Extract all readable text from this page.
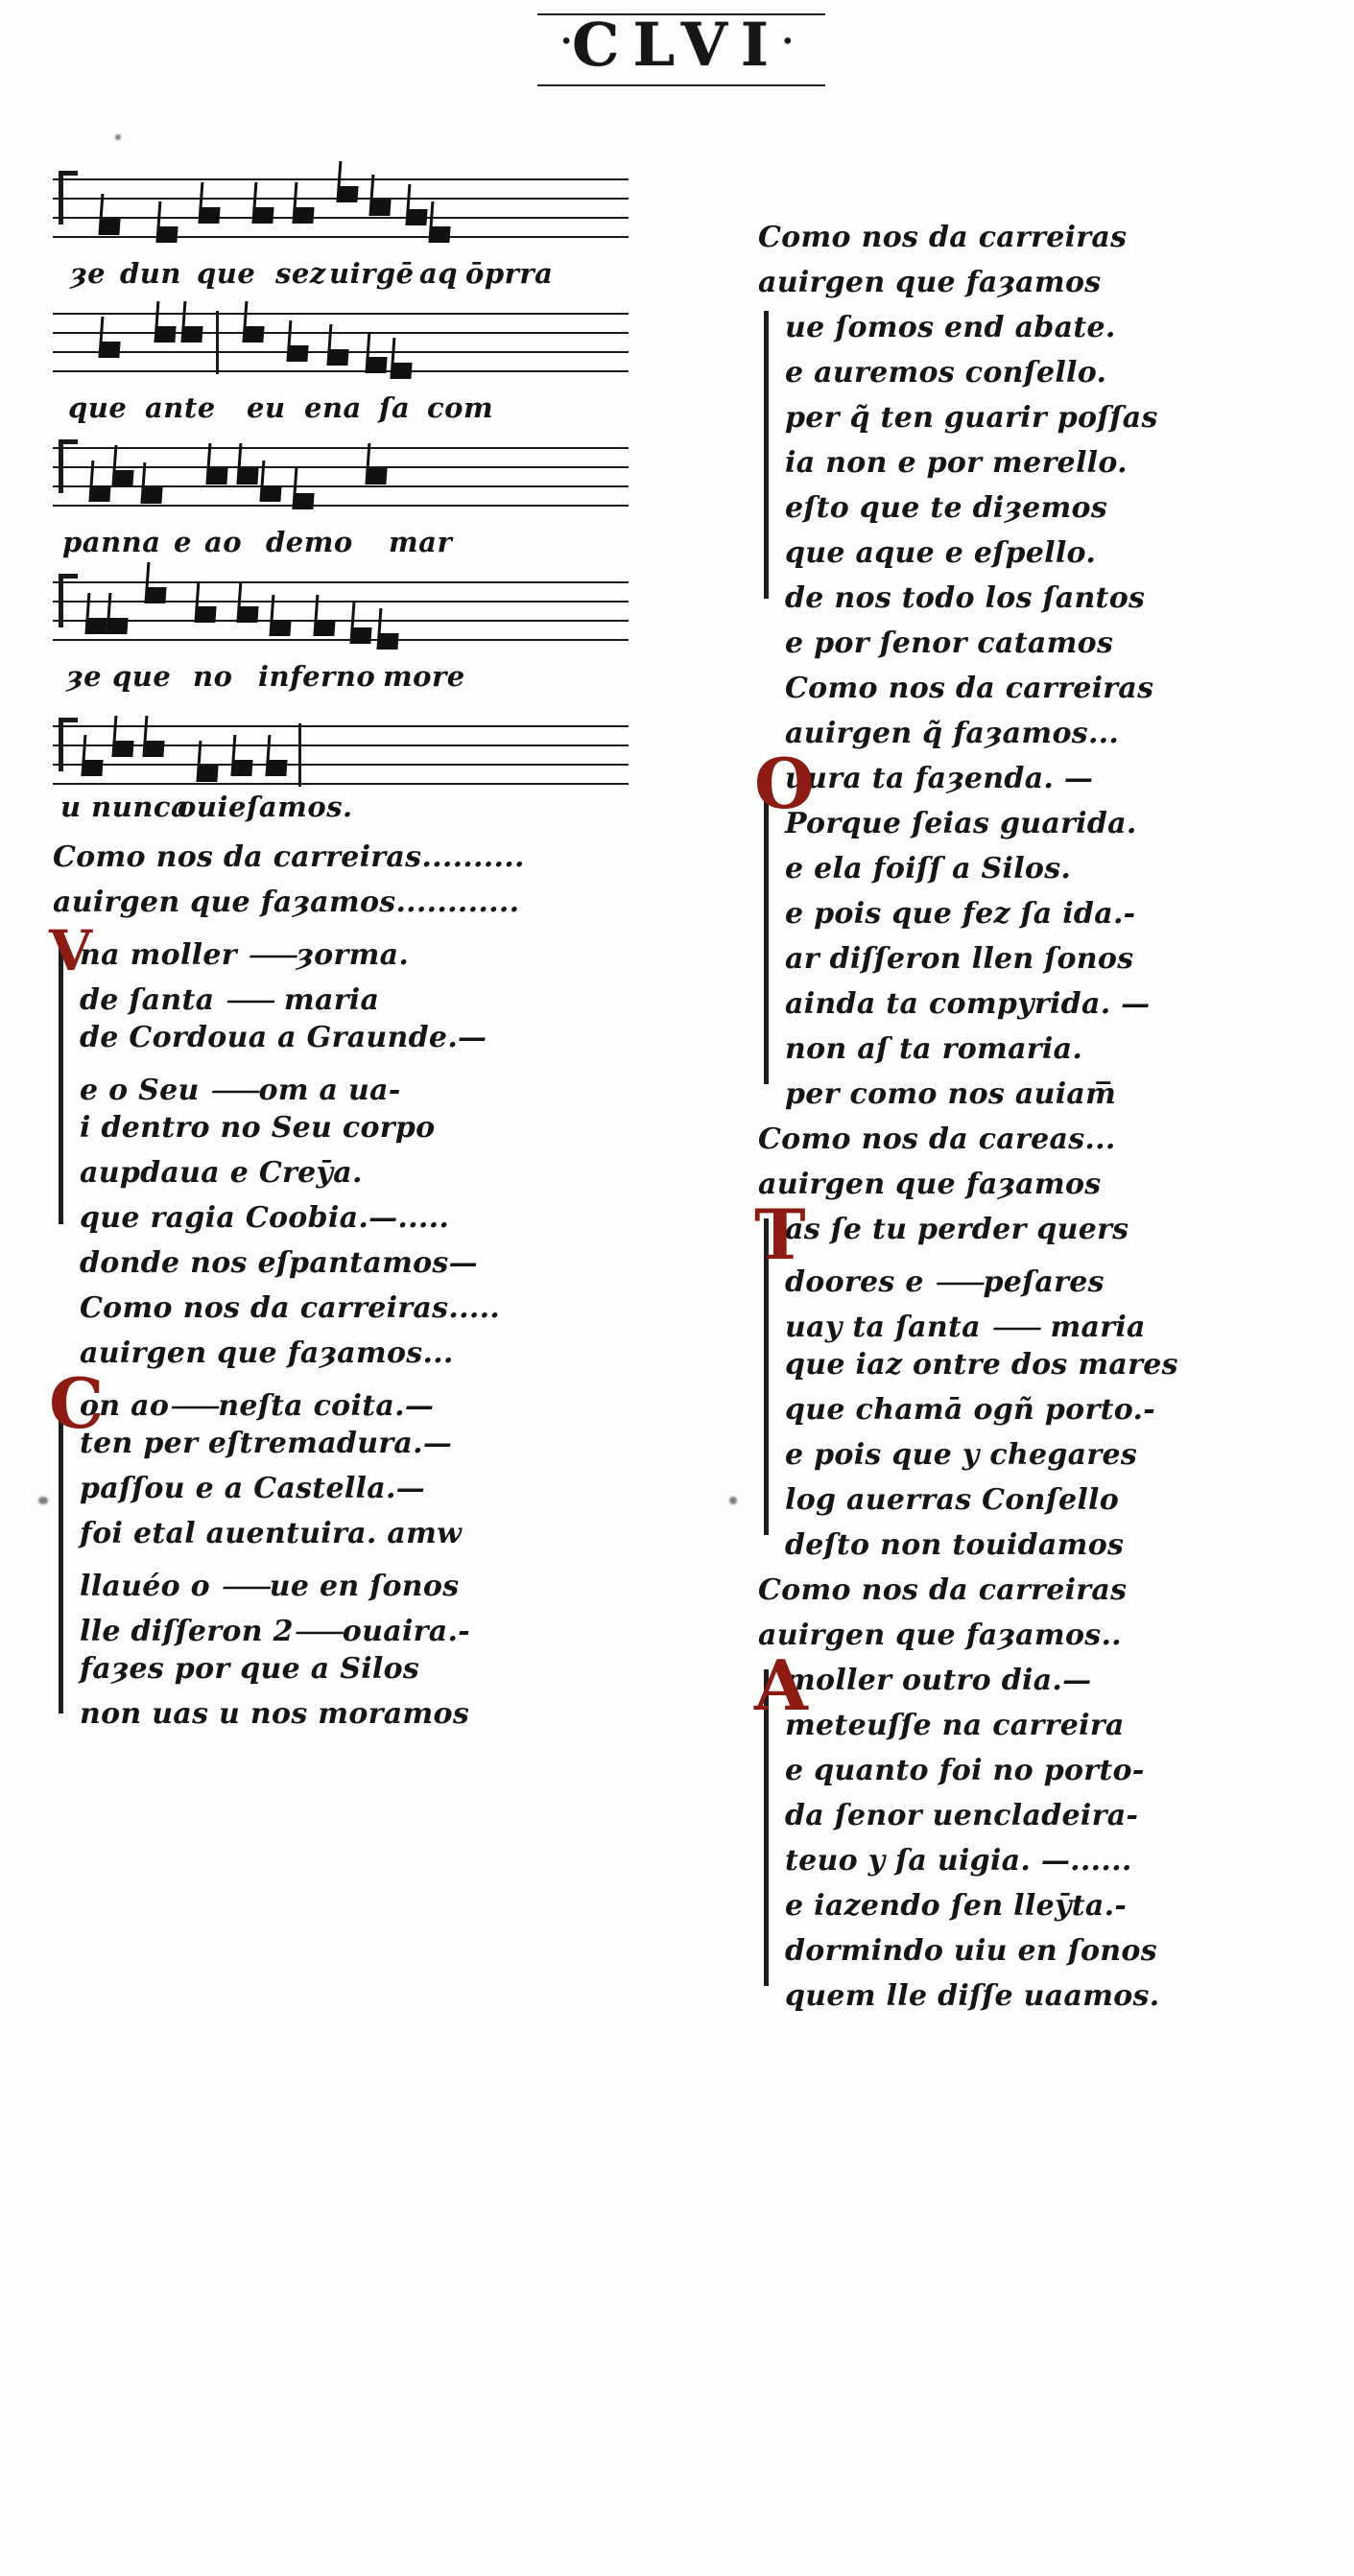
·CLVI·
ȝe dun que sez uirgē aq ōprra
que ante eu ena ſa com
panna e ao demo mar
ȝe que no inferno more
u nunca
ouieſamos.
Como nos da carreiras..........
auirgen que faȝamos............
V
na moller ⸺ȝorma.
de ſanta ⸺ maria
de Cordoua a Graunde.—
e o Seu ⸺om a ua-
i dentro no Seu corpo
aupdaua e Creȳa.
que ragia Coobia.—.....
donde nos eſpantamos—
Como nos da carreiras.....
auirgen que faȝamos...
C
on ao⸺neſta coita.—
ten per eſtremadura.—
paſſou e a Castella.—
foi etal auentuira. amw
llauéo o ⸺ue en ſonos
lle diſſeron 2⸺ouaira.-
faȝes por que a Silos
non uas u nos moramos
Como nos da carreiras
auirgen que faȝamos
ue ſomos end abate.
e auremos conſello.
per q̃ ten guarir poſſas
ia non e por merello.
eſto que te diȝemos
que aque e eſpello.
de nos todo los ſantos
e por ſenor catamos
Como nos da carreiras
auirgen q̃ faȝamos...
O
uura ta faȝenda. —
Porque ſeias guarida.
e ela foiſſ a Silos.
e pois que fez ſa ida.-
ar diſſeron llen ſonos
ainda ta compyrida. —
non aſ ta romaria.
per como nos auiam̅
Como nos da careas...
auirgen que faȝamos
T
as ſe tu perder quers
doores e ⸺peſares
uay ta ſanta ⸺ maria
que iaz ontre dos mares
que chamā ogñ porto.-
e pois que y chegares
log auerras Conſello
deſto non touidamos
Como nos da carreiras
auirgen que faȝamos..
A
moller outro dia.—
meteuſſe na carreira
e quanto foi no porto-
da ſenor uencladeira-
teuo y ſa uigia. —......
e iazendo ſen lleȳta.-
dormindo uiu en ſonos
quem lle diſſe uaamos.
